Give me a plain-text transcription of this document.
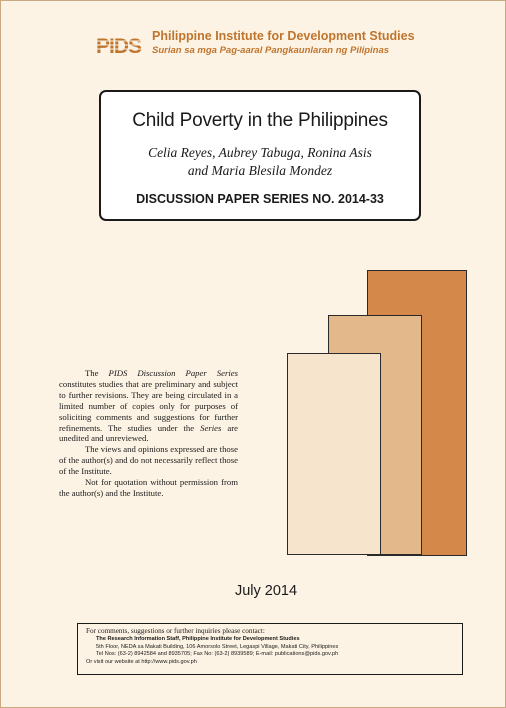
PIDS Philippine Institute for Development Studies
Surian sa mga Pag-aaral Pangkaunlaran ng Pilipinas
Child Poverty in the Philippines
Celia Reyes, Aubrey Tabuga, Ronina Asis
and Maria Blesila Mondez
DISCUSSION PAPER SERIES NO. 2014-33

The PIDS Discussion Paper Series constitutes studies that are preliminary and subject to further revisions. They are being circulated in a limited number of copies only for purposes of soliciting comments and suggestions for further refinements. The studies under the Series are unedited and unreviewed.

The views and opinions expressed are those of the author(s) and do not necessarily reflect those of the Institute.

Not for quotation without permission from the author(s) and the Institute.

July 2014
For comments, suggestions or further inquiries please contact:
The Research Information Staff, Philippine Institute for Development Studies
5th Floor, NEDA sa Makati Building, 106 Amorsolo Street, Legaspi Village, Makati City, Philippines
Tel Nos: (63-2) 8942584 and 8935705; Fax No: (63-2) 8939589; E-mail: publications@pids.gov.ph
Or visit our website at http://www.pids.gov.ph
